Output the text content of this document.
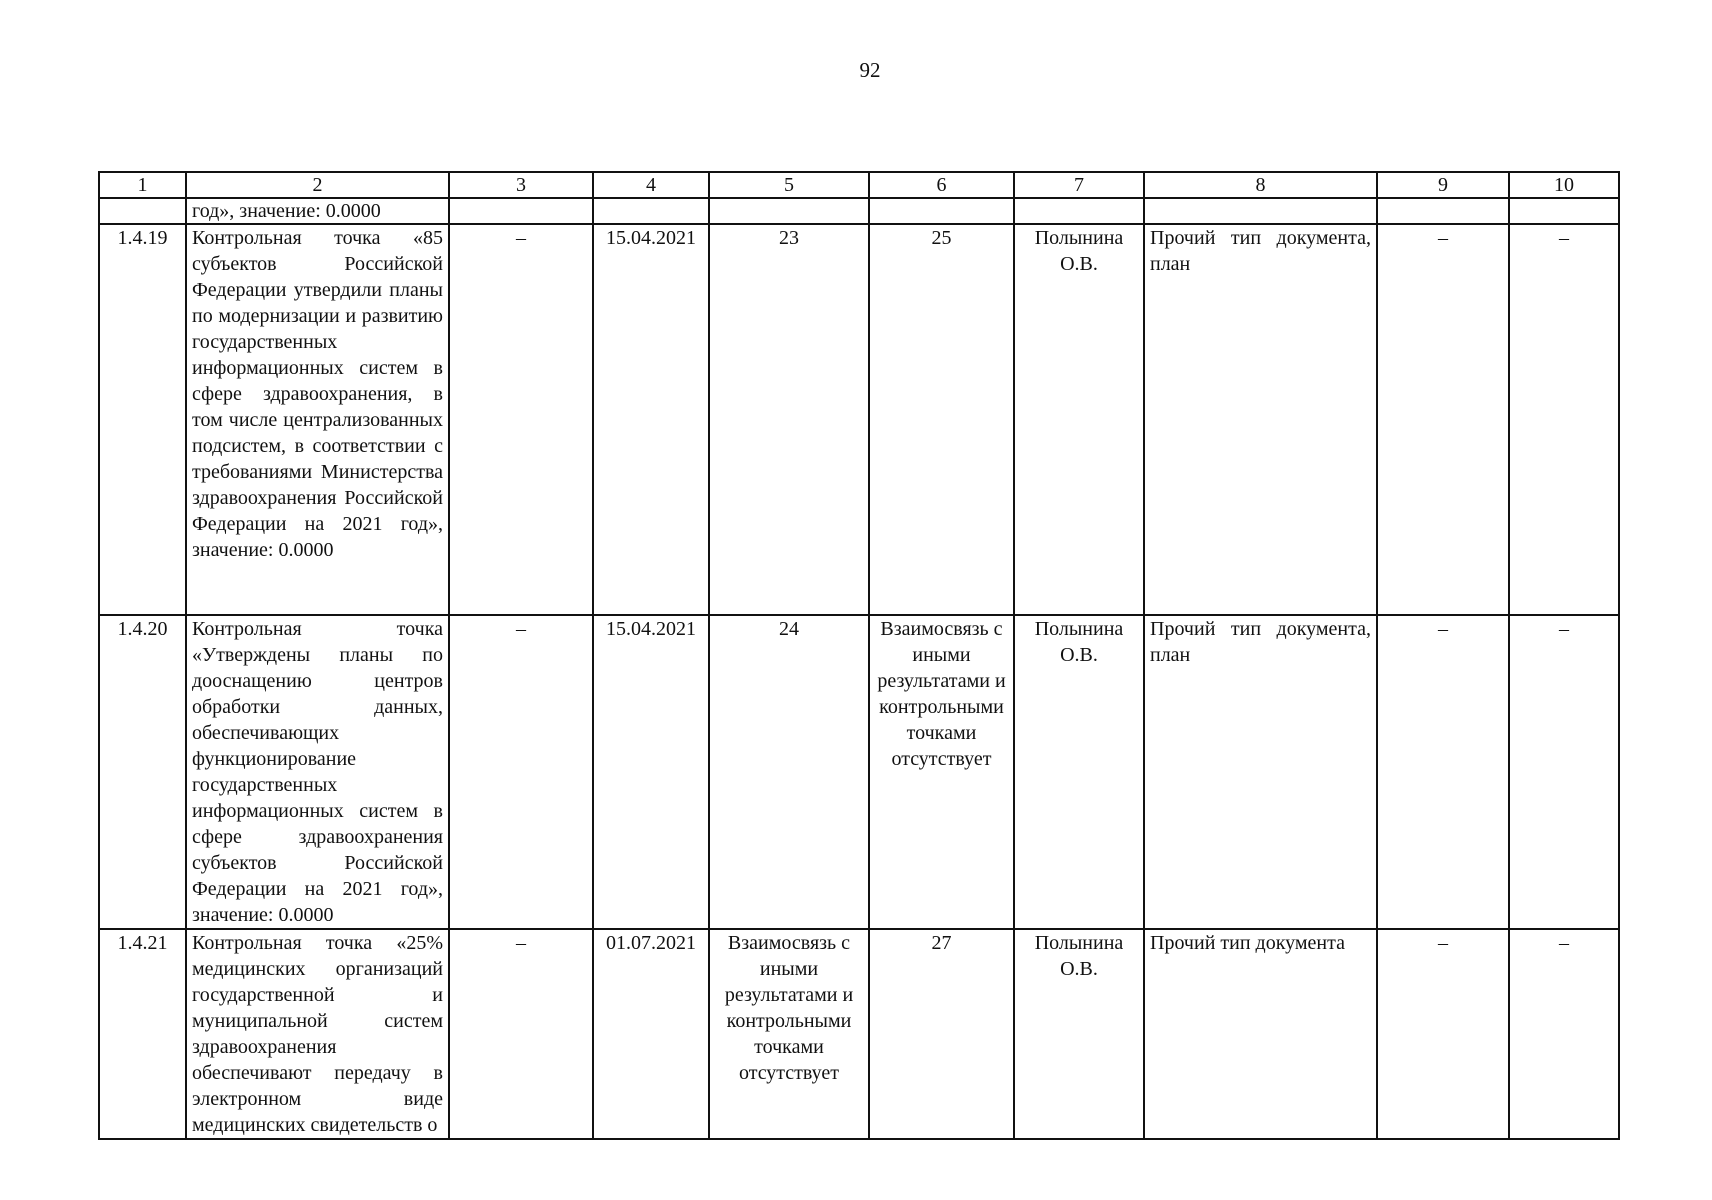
92
1	2	3	4	5	6	7	8	9	10
	год», значение: 0.0000								
1.4.19	Контрольная точка «85 субъектов Российской Федерации утвердили планы по модернизации и развитию государственных информационных систем в сфере здравоохранения, в том числе централизованных подсистем, в соответствии с требованиями Министерства здравоохранения Российской Федерации на 2021 год», значение: 0.0000	–	15.04.2021	23	25	Полынина О.В.	Прочий тип документа, план	–	–
1.4.20	Контрольная точка «Утверждены планы по дооснащению центров обработки данных, обеспечивающих функционирование государственных информационных систем в сфере здравоохранения субъектов Российской Федерации на 2021 год», значение: 0.0000	–	15.04.2021	24	Взаимосвязь с иными результатами и контрольными точками отсутствует	Полынина О.В.	Прочий тип документа, план	–	–
1.4.21	Контрольная точка «25% медицинских организаций государственной и муниципальной систем здравоохранения обеспечивают передачу в электронном виде медицинских свидетельств о	–	01.07.2021	Взаимосвязь с иными результатами и контрольными точками отсутствует	27	Полынина О.В.	Прочий тип документа	–	–
